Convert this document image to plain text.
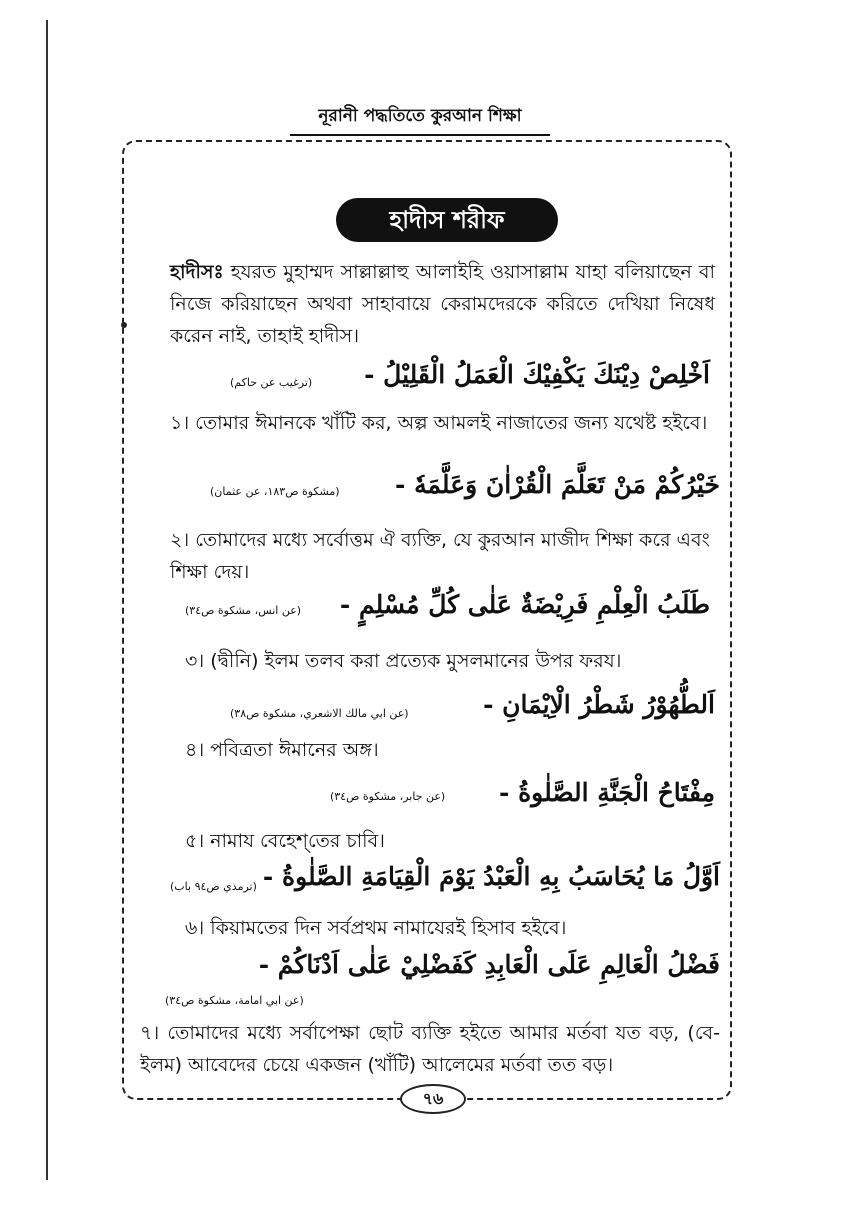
নূরানী পদ্ধতিতে কুরআন শিক্ষা
হাদীস শরীফ
হাদীসঃ হযরত মুহাম্মদ সাল্লাল্লাহু আলাইহি ওয়াসাল্লাম যাহা বলিয়াছেন বা নিজে করিয়াছেন অথবা সাহাবায়ে কেরামদেরকে করিতে দেখিয়া নিষেধ করেন নাই, তাহাই হাদীস।
اَخْلِصْ دِيْنَكَ يَكْفِيْكَ الْعَمَلُ الْقَلِيْلُ -
(ترغيب عن حاكم)
১। তোমার ঈমানকে খাঁটি কর, অল্প আমলই নাজাতের জন্য যথেষ্ট হইবে।
خَيْرُكُمْ مَنْ تَعَلَّمَ الْقُرْاٰنَ وَعَلَّمَهٗ -
(مشكوة ص١٨٣، عن عثمان)
২। তোমাদের মধ্যে সর্বোত্তম ঐ ব্যক্তি, যে কুরআন মাজীদ শিক্ষা করে এবং শিক্ষা দেয়।
طَلَبُ الْعِلْمِ فَرِيْضَةٌ عَلٰى كُلِّ مُسْلِمٍ -
(عن انس، مشكوة ص٣٤)
৩। (দ্বীনি) ইলম তলব করা প্রত্যেক মুসলমানের উপর ফরয।
اَلطُّهُوْرُ شَطْرُ الْاِيْمَانِ -
(عن ابي مالك الاشعري، مشكوة ص٣٨)
৪। পবিত্রতা ঈমানের অঙ্গ।
مِفْتَاحُ الْجَنَّةِ الصَّلٰوةُ -
(عن جابر، مشكوة ص٣٤)
৫। নামায বেহেশ্‌তের চাবি।
اَوَّلُ مَا يُحَاسَبُ بِهِ الْعَبْدُ يَوْمَ الْقِيَامَةِ الصَّلٰوةُ -
(ترمذي ص٩٤ باب)
৬। কিয়ামতের দিন সর্বপ্রথম নামাযেরই হিসাব হইবে।
فَضْلُ الْعَالِمِ عَلَى الْعَابِدِ كَفَضْلِيْ عَلٰى اَدْنَاكُمْ -
(عن ابي امامة، مشكوة ص٣٤)
৭। তোমাদের মধ্যে সর্বাপেক্ষা ছোট ব্যক্তি হইতে আমার মর্তবা যত বড়, (বে-ইলম) আবেদের চেয়ে একজন (খাঁটি) আলেমের মর্তবা তত বড়।
৭৬
